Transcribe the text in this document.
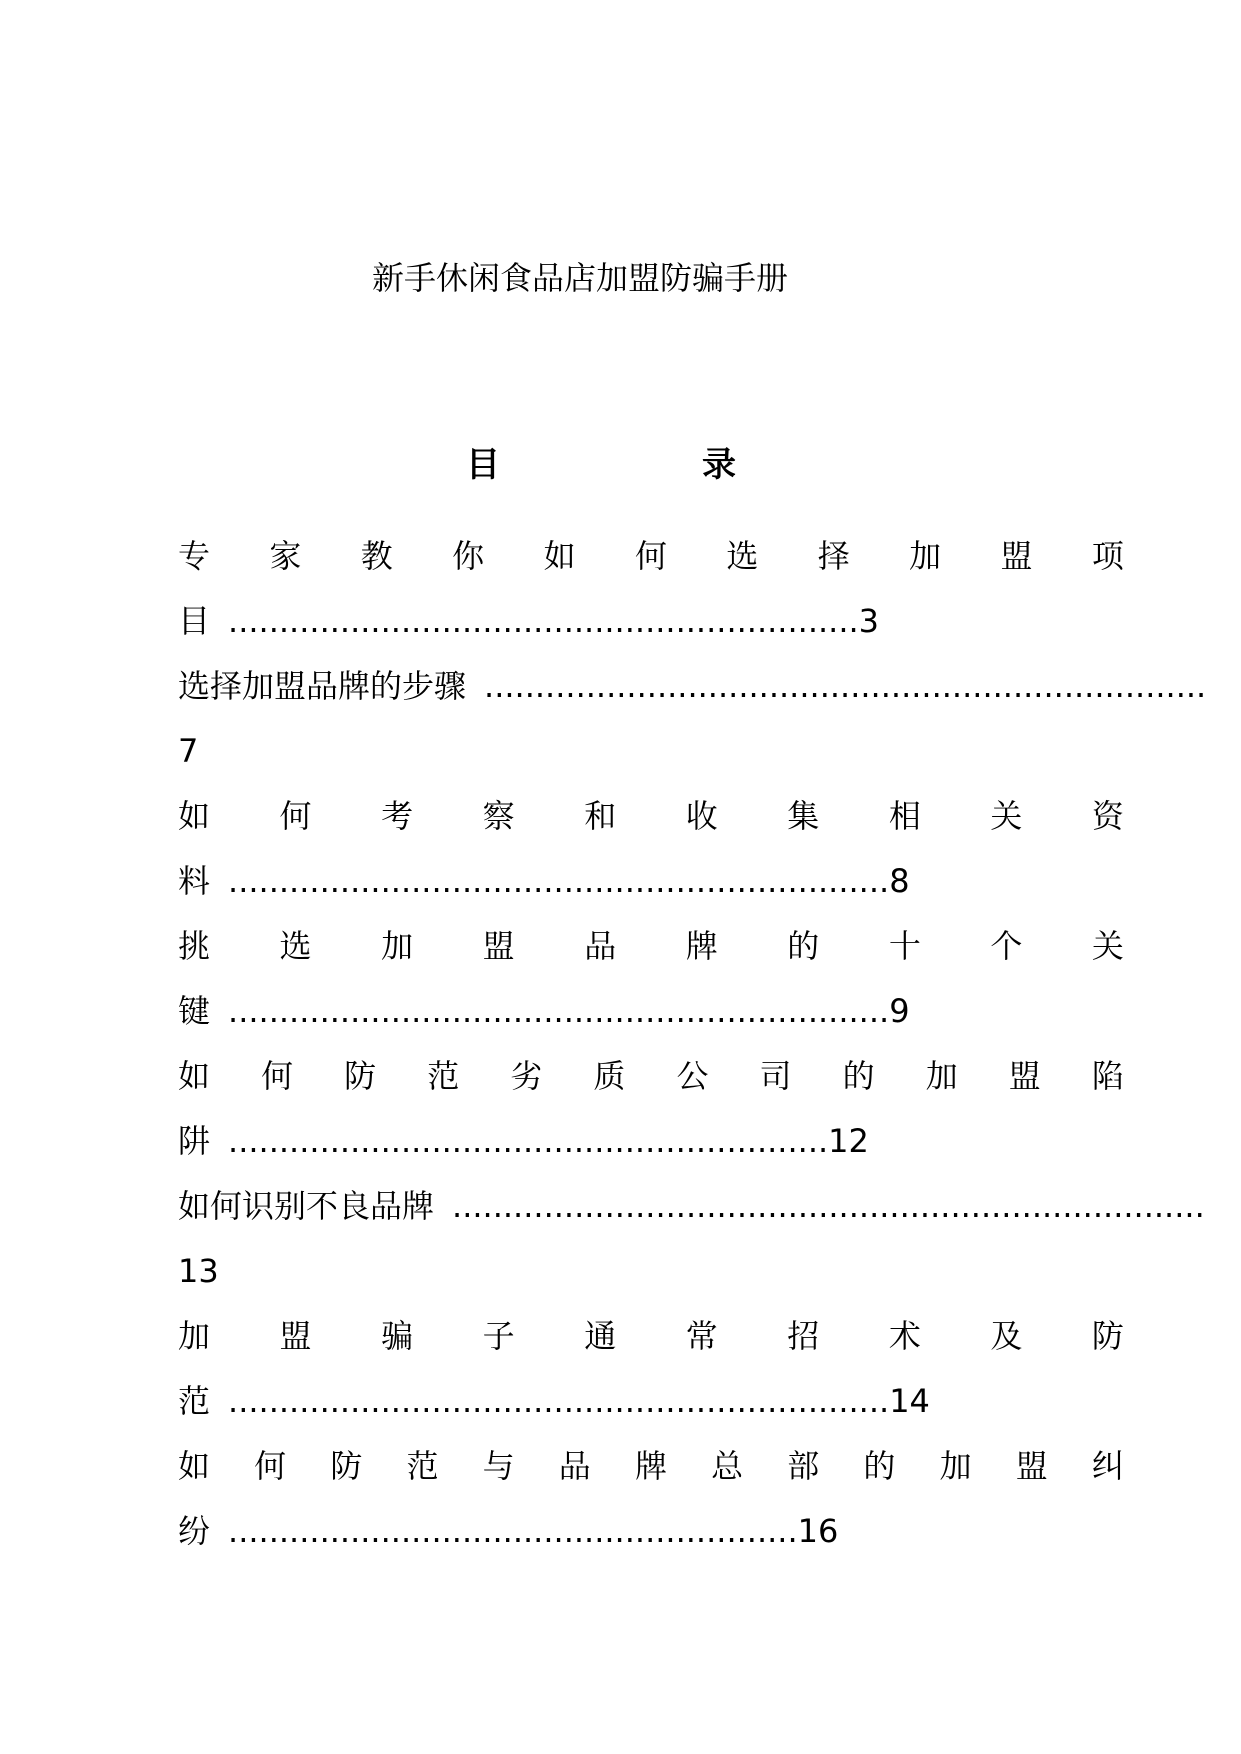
新手休闲食品店加盟防骗手册
目	录
专 家 教 你 如 何 选 择 加 盟 项
目 .............................................................. 3
选择加盟品牌的步骤 .......................................................................
7
如 何 考 察 和 收 集 相 关 资
料 ................................................................. 8
挑 选 加 盟 品 牌 的 十 个 关
键 ................................................................. 9
如 何 防 范 劣 质 公 司 的 加 盟 陷
阱 ........................................................... 12
如何识别不良品牌 ..........................................................................
13
加 盟 骗 子 通 常 招 术 及 防
范 ................................................................. 14
如 何 防 范 与 品 牌 总 部 的 加 盟 纠
纷 ........................................................ 16
